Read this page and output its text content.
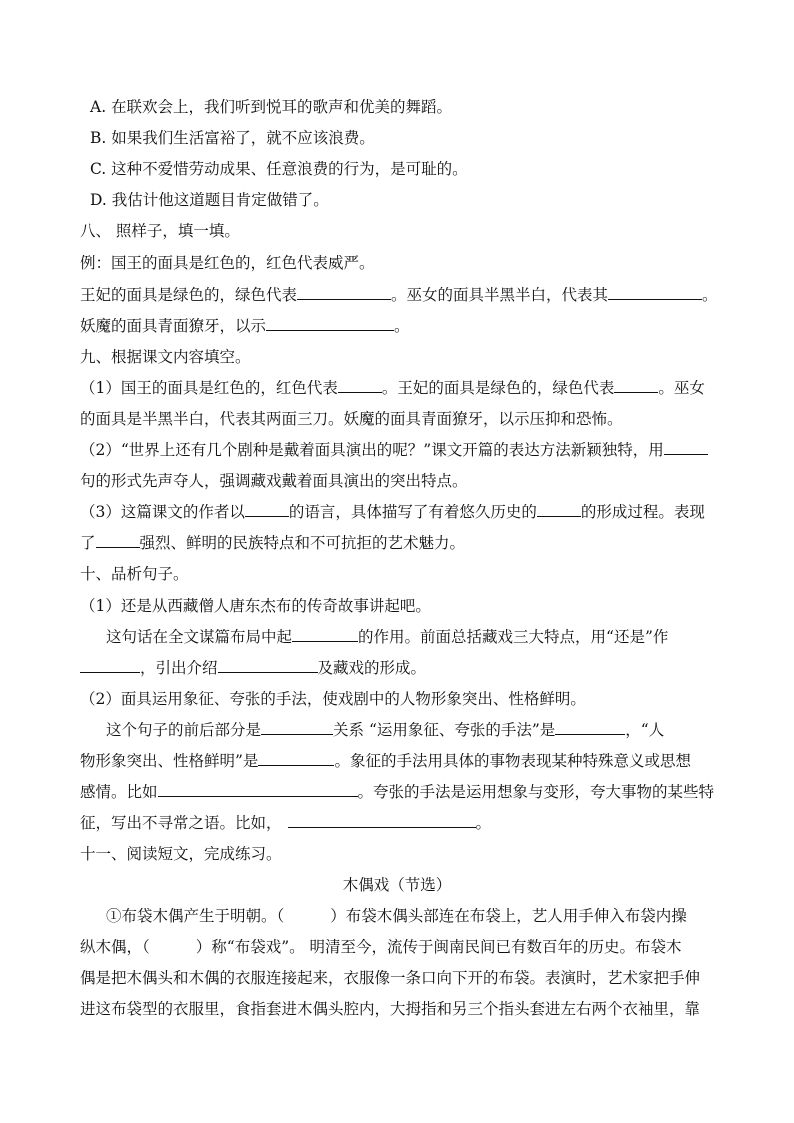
A. 在联欢会上，我们听到悦耳的歌声和优美的舞蹈。
B. 如果我们生活富裕了，就不应该浪费。
C. 这种不爱惜劳动成果、任意浪费的行为，是可耻的。
D. 我估计他这道题目肯定做错了。
八、 照样子，填一填。
例：国王的面具是红色的，红色代表威严。
王妃的面具是绿色的，绿色代表	。巫女的面具半黑半白，代表其	。
妖魔的面具青面獠牙，以示	。
九、根据课文内容填空。
（1）国王的面具是红色的，红色代表	。王妃的面具是绿色的，绿色代表	。巫女
的面具是半黑半白，代表其两面三刀。妖魔的面具青面獠牙，以示压抑和恐怖。
（2）“世界上还有几个剧种是戴着面具演出的呢？”课文开篇的表达方法新颖独特，用
句的形式先声夺人，强调藏戏戴着面具演出的突出特点。
（3）这篇课文的作者以	的语言，具体描写了有着悠久历史的	的形成过程。表现
了	强烈、鲜明的民族特点和不可抗拒的艺术魅力。
十、品析句子。
（1）还是从西藏僧人唐东杰布的传奇故事讲起吧。
这句话在全文谋篇布局中起	的作用。前面总括藏戏三大特点，用“还是”作
，引出介绍	及藏戏的形成。
（2）面具运用象征、夸张的手法，使戏剧中的人物形象突出、性格鲜明。
这个句子的前后部分是	关系 “运用象征、夸张的手法”是	，“人
物形象突出、性格鲜明”是	。象征的手法用具体的事物表现某种特殊意义或思想
感情。比如	。夸张的手法是运用想象与变形，夸大事物的某些特
征，写出不寻常之语。比如，	。
十一、阅读短文，完成练习。
木偶戏（节选）
①布袋木偶产生于明朝。（	）布袋木偶头部连在布袋上，艺人用手伸入布袋内操
纵木偶，（	）称“布袋戏”。 明清至今，流传于闽南民间已有数百年的历史。布袋木
偶是把木偶头和木偶的衣服连接起来，衣服像一条口向下开的布袋。表演时，艺术家把手伸
进这布袋型的衣服里，食指套进木偶头腔内，大拇指和另三个指头套进左右两个衣袖里，靠
